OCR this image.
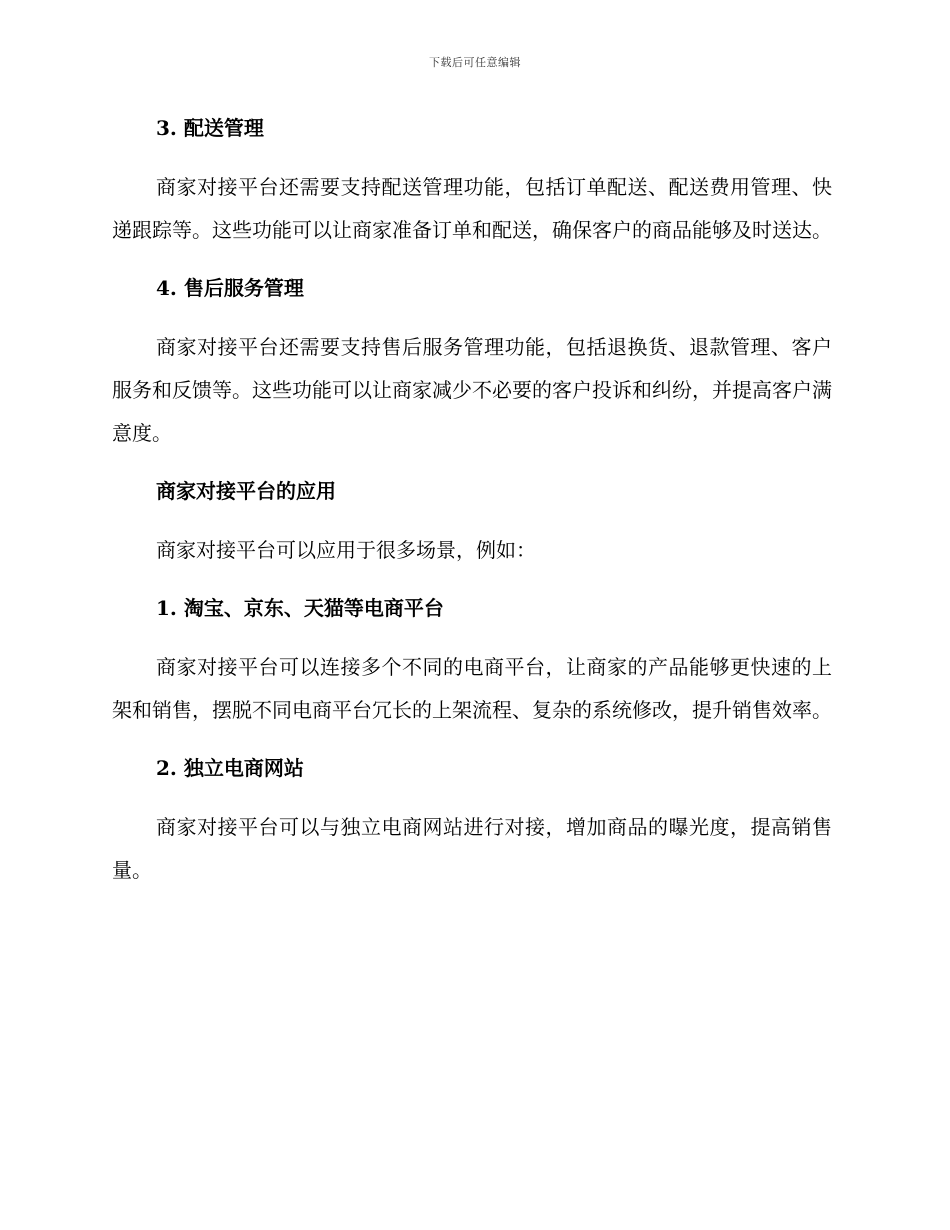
下载后可任意编辑
3. 配送管理

商家对接平台还需要支持配送管理功能，包括订单配送、配送费用管理、快递跟踪等。这些功能可以让商家准备订单和配送，确保客户的商品能够及时送达。

4. 售后服务管理

商家对接平台还需要支持售后服务管理功能，包括退换货、退款管理、客户服务和反馈等。这些功能可以让商家减少不必要的客户投诉和纠纷，并提高客户满意度。

商家对接平台的应用

商家对接平台可以应用于很多场景，例如：

1. 淘宝、京东、天猫等电商平台

商家对接平台可以连接多个不同的电商平台，让商家的产品能够更快速的上架和销售，摆脱不同电商平台冗长的上架流程、复杂的系统修改，提升销售效率。

2. 独立电商网站

商家对接平台可以与独立电商网站进行对接，增加商品的曝光度，提高销售量。
